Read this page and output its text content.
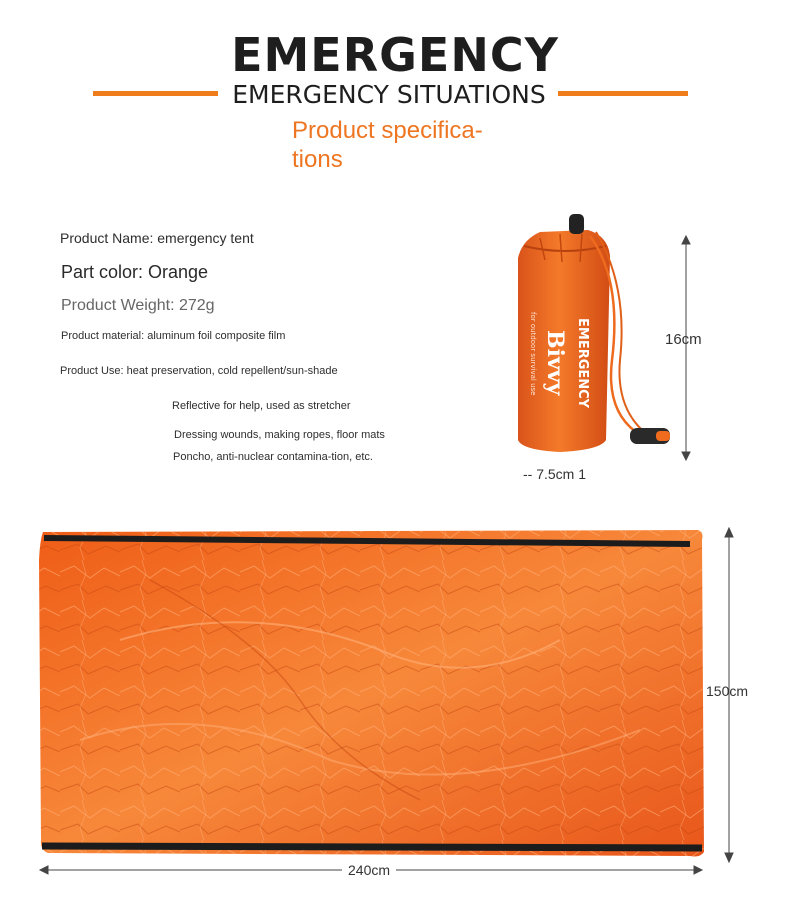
EMERGENCY
EMERGENCY SITUATIONS
Product specifica-tions
Product Name: emergency tent
Part color: Orange
Product Weight: 272g
Product material: aluminum foil composite film
Product Use: heat preservation, cold repellent/sun-shade
Reflective for help, used as stretcher
Dressing wounds, making ropes, floor mats
Poncho, anti-nuclear contamina-tion, etc.
EMERGENCY
Bivvy
for outdoor survival use	16cm
-- 7.5cm 1
150cm
240cm
